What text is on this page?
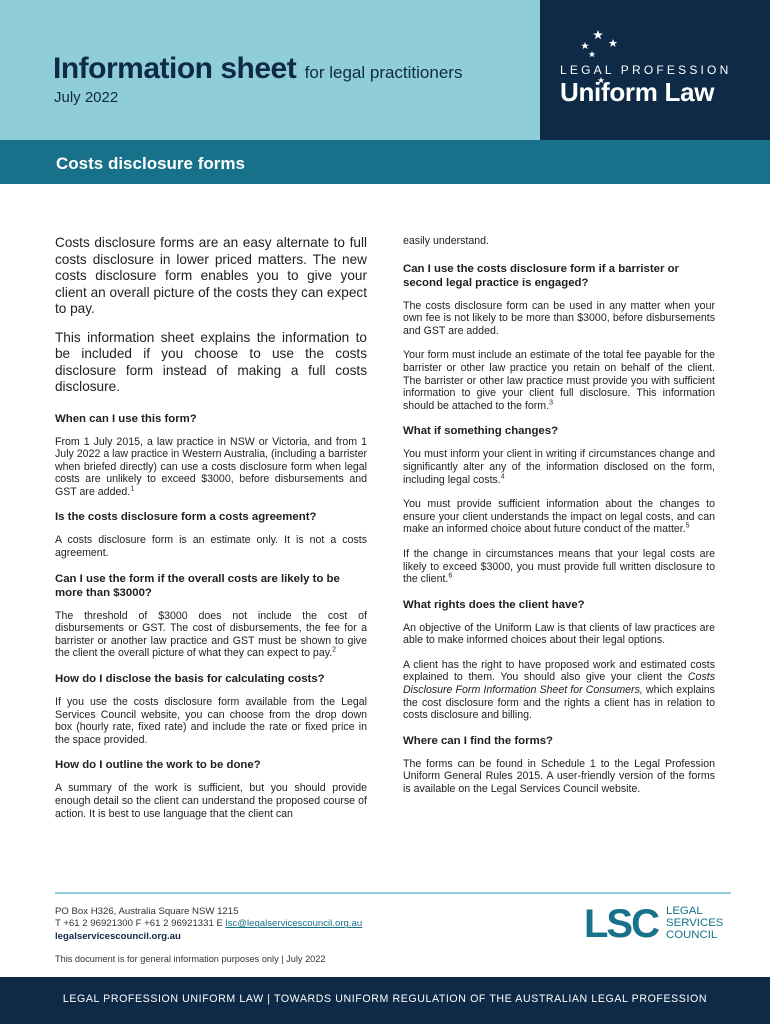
Information sheet for legal practitioners
July 2022
LEGAL PROFESSION
Uniform Law
Costs disclosure forms

Costs disclosure forms are an easy alternate to full costs disclosure in lower priced matters. The new costs disclosure form enables you to give your client an overall picture of the costs they can expect to pay.

This information sheet explains the information to be included if you choose to use the costs disclosure form instead of making a full costs disclosure.

When can I use this form?

From 1 July 2015, a law practice in NSW or Victoria, and from 1 July 2022 a law practice in Western Australia, (including a barrister when briefed directly) can use a costs disclosure form when legal costs are unlikely to exceed $3000, before disbursements and GST are added.$^1$

Is the costs disclosure form a costs agreement?

A costs disclosure form is an estimate only. It is not a costs agreement.

Can I use the form if the overall costs are likely to be more than $3000?

The threshold of $3000 does not include the cost of disbursements or GST. The cost of disbursements, the fee for a barrister or another law practice and GST must be shown to give the client the overall picture of what they can expect to pay.$^2$

How do I disclose the basis for calculating costs?

If you use the costs disclosure form available from the Legal Services Council website, you can choose from the drop down box (hourly rate, fixed rate) and include the rate or fixed price in the space provided.

How do I outline the work to be done?

A summary of the work is sufficient, but you should provide enough detail so the client can understand the proposed course of action. It is best to use language that the client can

easily understand.

Can I use the costs disclosure form if a barrister or second legal practice is engaged?

The costs disclosure form can be used in any matter when your own fee is not likely to be more than $3000, before disbursements and GST are added.

Your form must include an estimate of the total fee payable for the barrister or other law practice you retain on behalf of the client. The barrister or other law practice must provide you with sufficient information to give your client full disclosure. This information should be attached to the form.$^3$

What if something changes?

You must inform your client in writing if circumstances change and significantly alter any of the information disclosed on the form, including legal costs.$^4$

You must provide sufficient information about the changes to ensure your client understands the impact on legal costs, and can make an informed choice about future conduct of the matter.$^5$

If the change in circumstances means that your legal costs are likely to exceed $3000, you must provide full written disclosure to the client.$^6$

What rights does the client have?

An objective of the Uniform Law is that clients of law practices are able to make informed choices about their legal options.

A client has the right to have proposed work and estimated costs explained to them. You should also give your client the Costs Disclosure Form Information Sheet for Consumers, which explains the cost disclosure form and the rights a client has in relation to costs disclosure and billing.

Where can I find the forms?

The forms can be found in Schedule 1 to the Legal Profession Uniform General Rules 2015. A user-friendly version of the forms is available on the Legal Services Council website.

PO Box H326, Australia Square NSW 1215
T +61 2 96921300 F +61 2 96921331 E lsc@legalservicescouncil.org.au
legalservicescouncil.org.au
This document is for general information purposes only | July 2022
LSC LEGAL
SERVICES
COUNCIL
LEGAL PROFESSION UNIFORM LAW | TOWARDS UNIFORM REGULATION OF THE AUSTRALIAN LEGAL PROFESSION
